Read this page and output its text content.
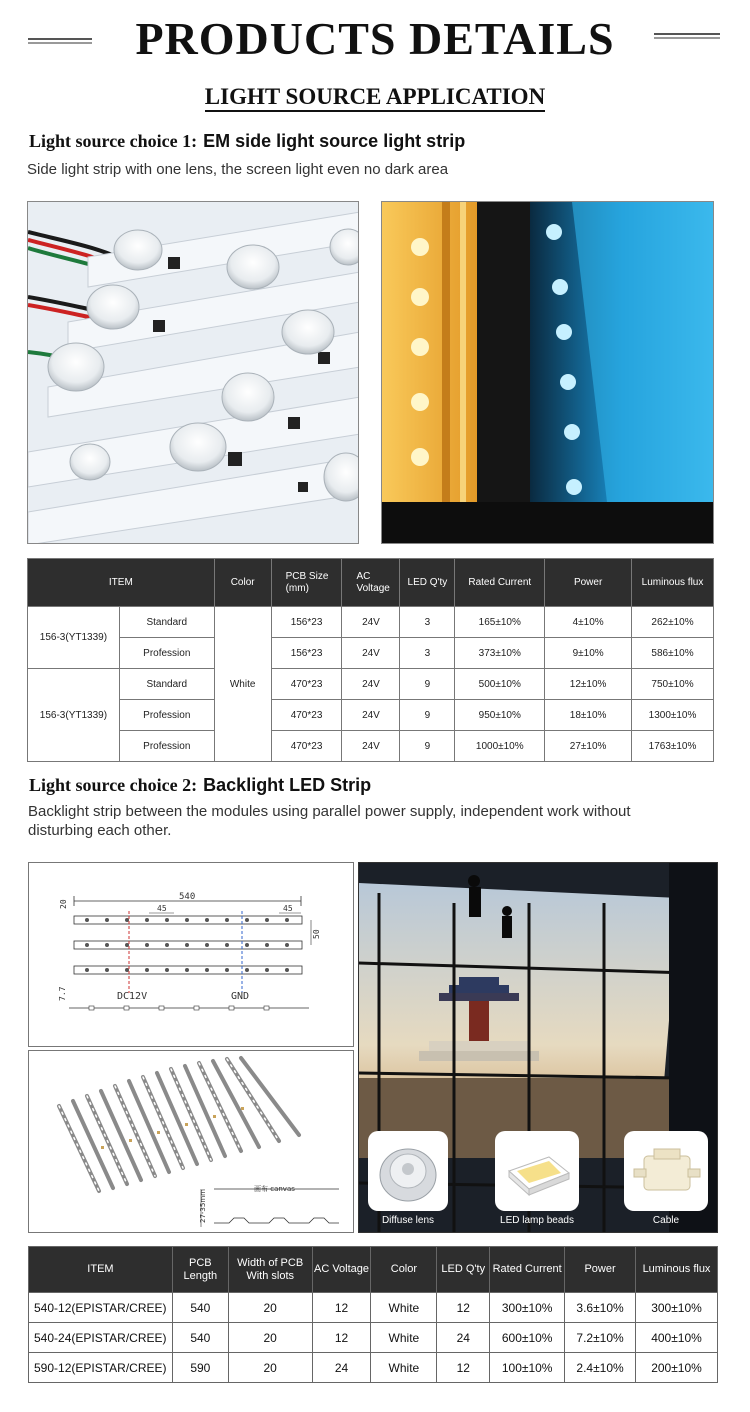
PRODUCTS DETAILS
LIGHT SOURCE APPLICATION
Light source choice 1: EM side light source light strip
Side light strip with one lens, the screen light even no dark area
ITEM		Color	PCB Size (mm)	AC Voltage	LED Q'ty	Rated Current	Power	Luminous flux
156-3(YT1339)	Standard	White	156*23	24V	3	165±10%	4±10%	262±10%
	Profession		156*23	24V	3	373±10%	9±10%	586±10%
156-3(YT1339)	Standard		470*23	24V	9	500±10%	12±10%	750±10%
	Profession		470*23	24V	9	950±10%	18±10%	1300±10%
	Profession		470*23	24V	9	1000±10%	27±10%	1763±10%
Light source choice 2: Backlight LED Strip
Backlight strip between the modules using parallel power supply, independent work without
disturbing each other.
540
20	45	45
50
DC12V	GND
7.7
画布 canvas
27-35mm	Diffuse lens	LED lamp beads	Cable
ITEM	PCB Length	Width of PCB With slots	AC Voltage	Color	LED Q'ty	Rated Current	Power	Luminous flux
540-12(EPISTAR/CREE)	540	20	12	White	12	300±10%	3.6±10%	300±10%
540-24(EPISTAR/CREE)	540	20	12	White	24	600±10%	7.2±10%	400±10%
590-12(EPISTAR/CREE)	590	20	24	White	12	100±10%	2.4±10%	200±10%
